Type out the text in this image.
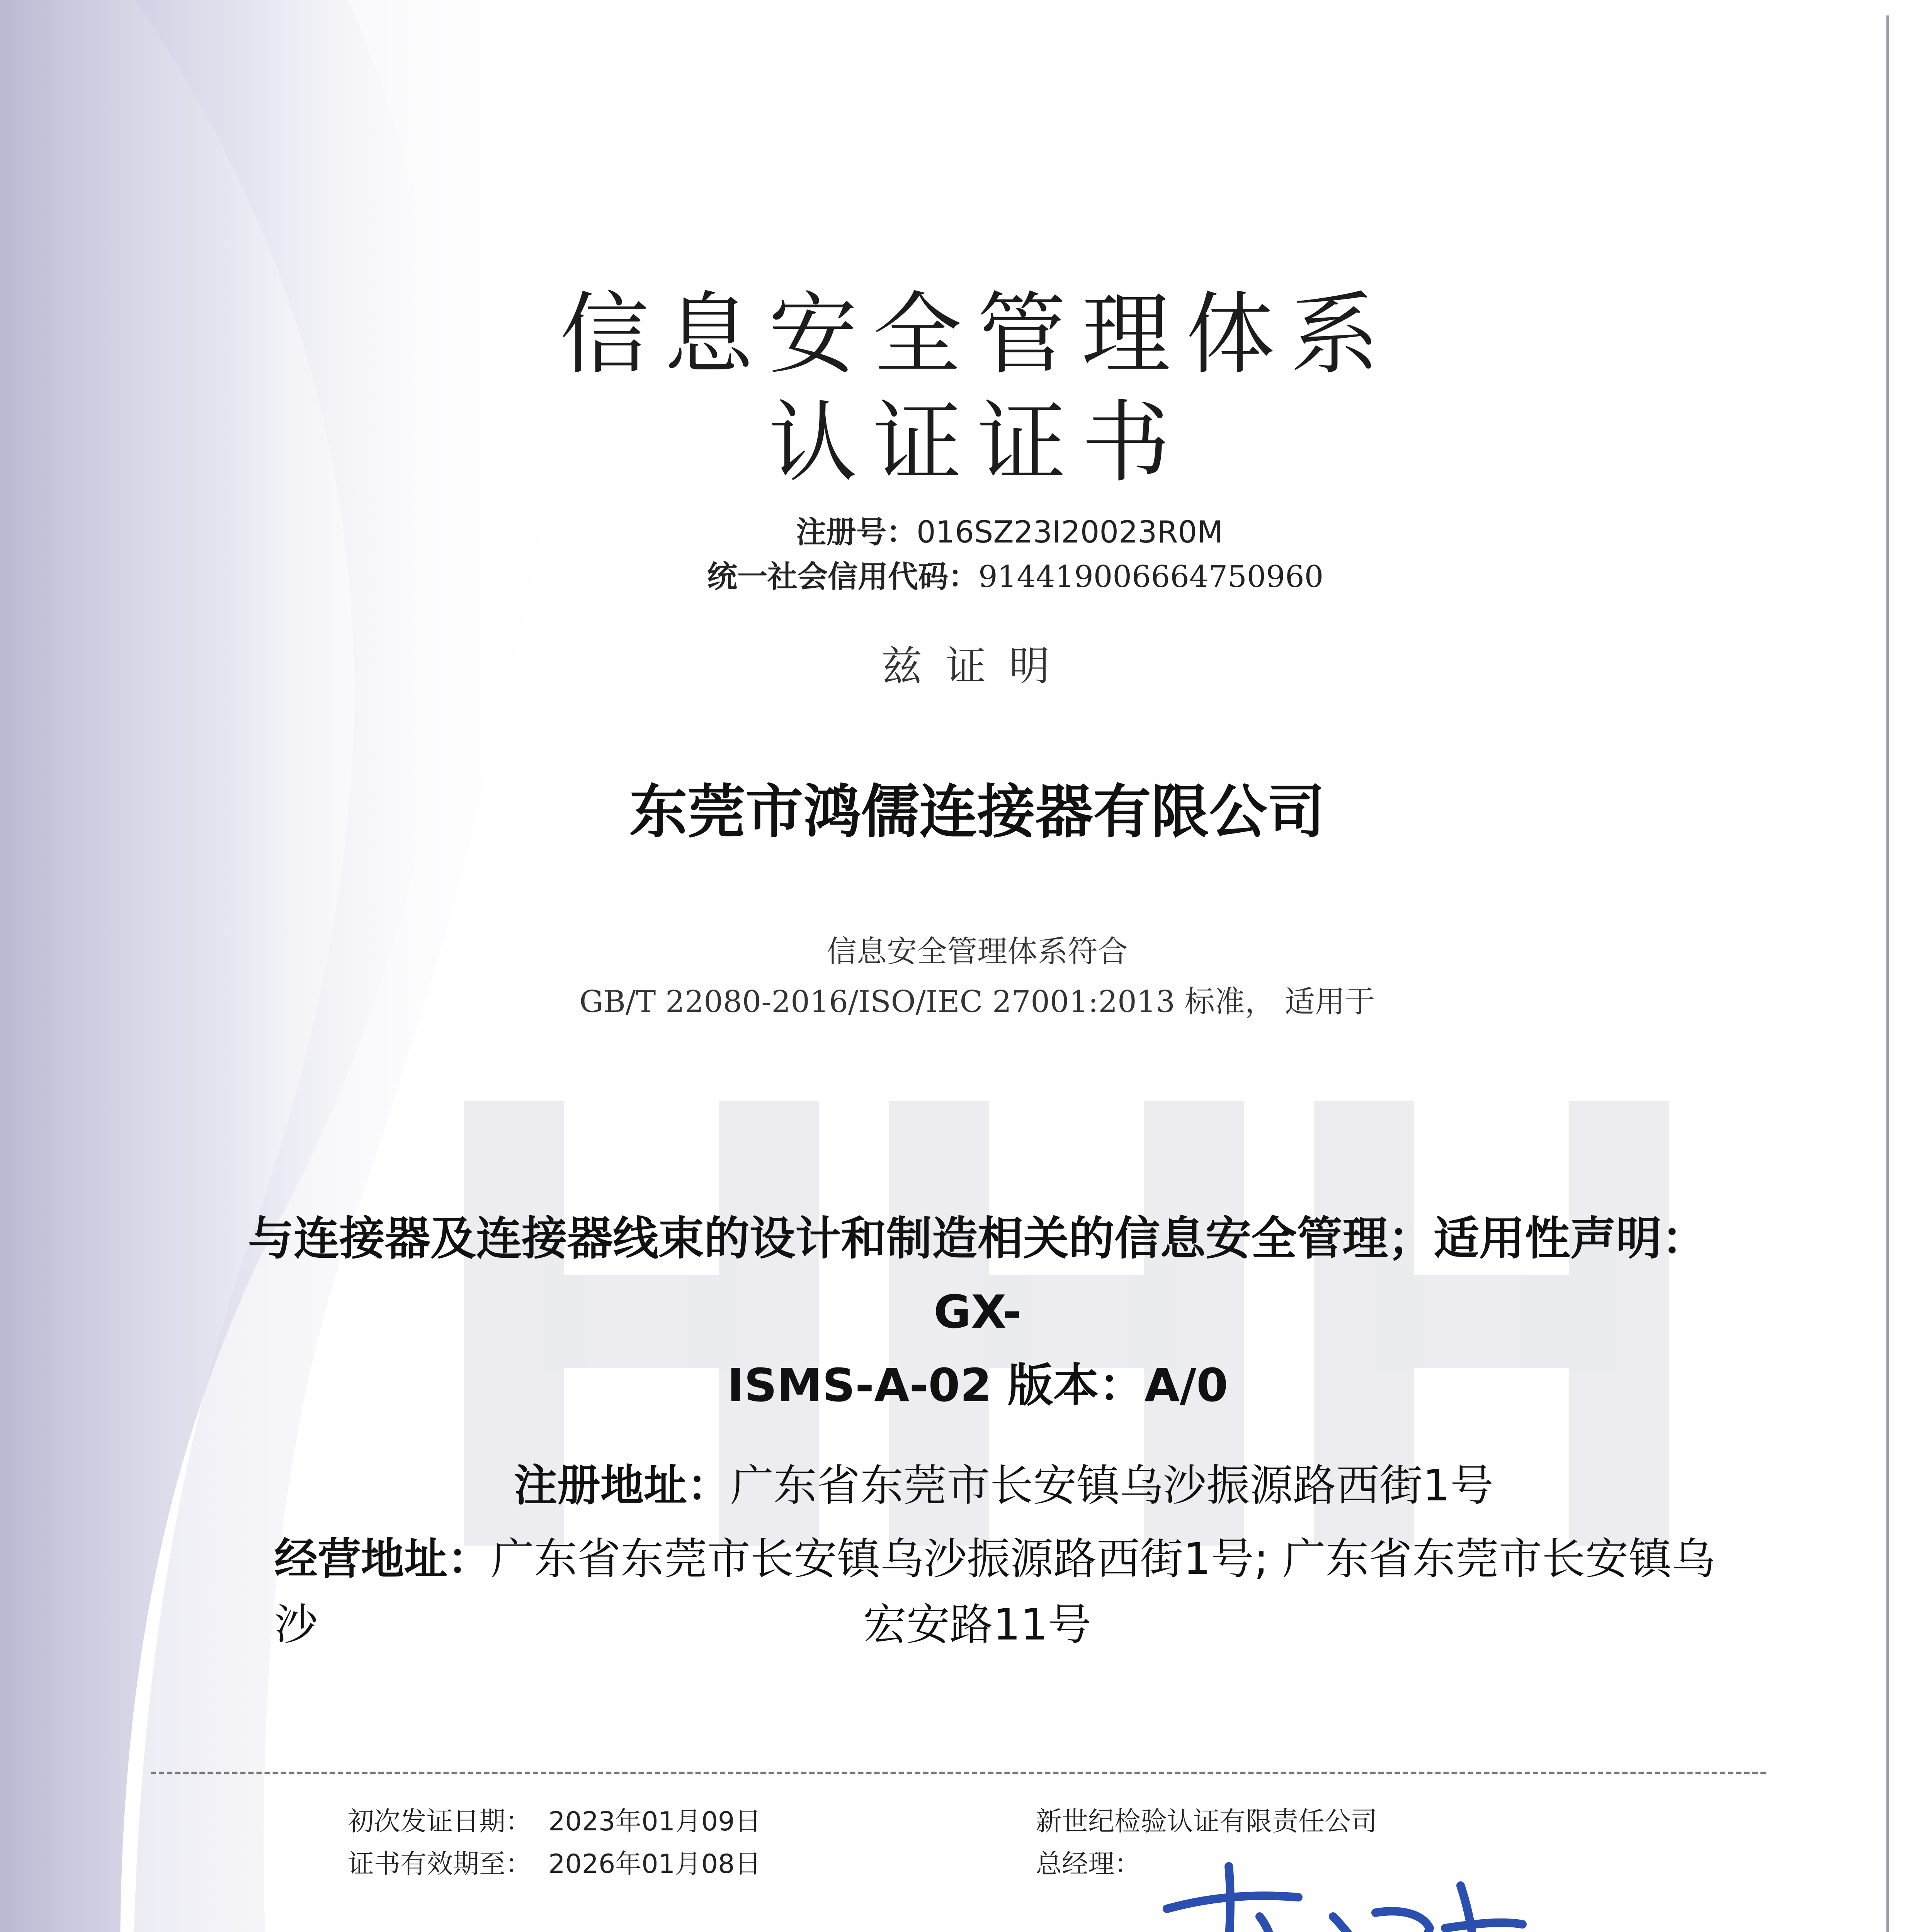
信息安全管理体系
认证证书
注册号：016SZ23I20023R0M
统一社会信用代码：914419006664750960
兹证明
东莞市鸿儒连接器有限公司
信息安全管理体系符合
GB/T 22080-2016/ISO/IEC 27001:2013 标准， 适用于
与连接器及连接器线束的设计和制造相关的信息安全管理；适用性声明：GX-
ISMS-A-02 版本：A/0
注册地址：广东省东莞市长安镇乌沙振源路西街1号
经营地址：广东省东莞市长安镇乌沙振源路西街1号; 广东省东莞市长安镇乌沙	宏安路11号
初次发证日期： 2023年01月09日
证书有效期至： 2026年01月08日
新世纪检验认证有限责任公司
总经理：
